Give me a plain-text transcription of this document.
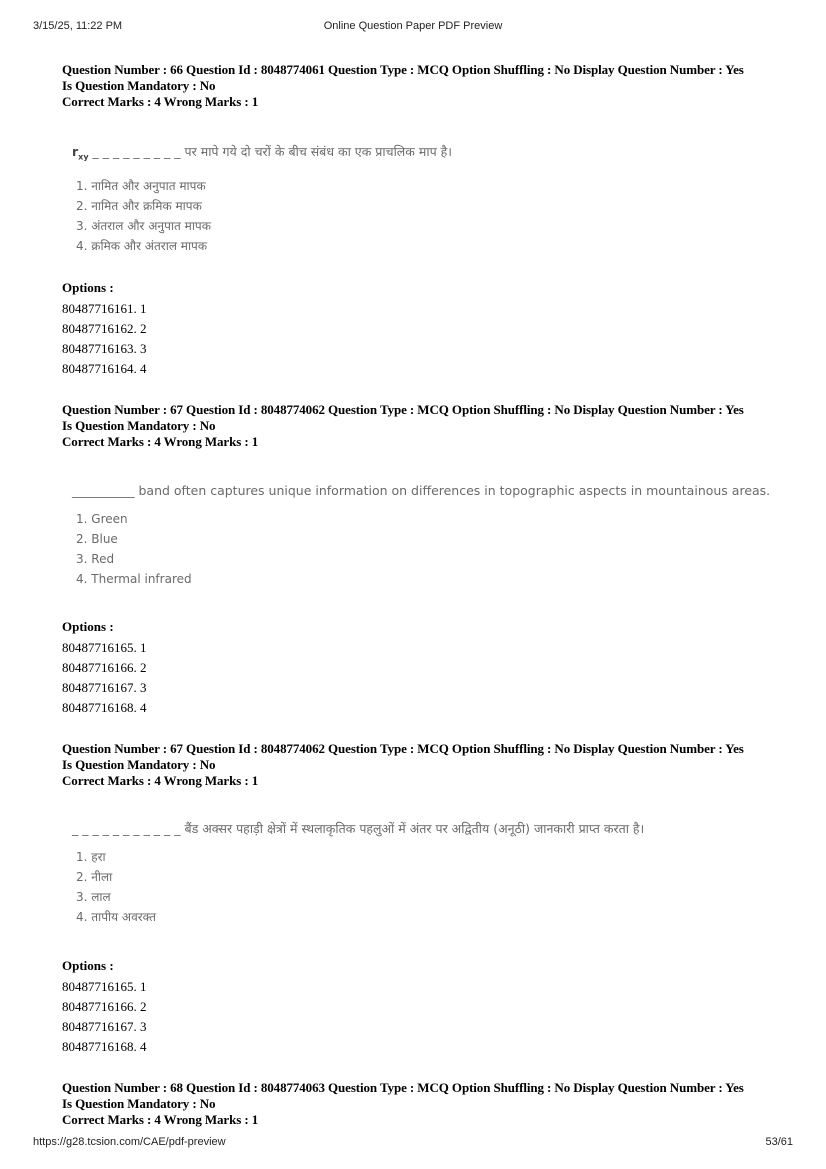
3/15/25, 11:22 PM	Online Question Paper PDF Preview
Question Number : 66 Question Id : 8048774061 Question Type : MCQ Option Shuffling : No Display Question Number : Yes
Is Question Mandatory : No
Correct Marks : 4 Wrong Marks : 1
$r_{xy}$ _ _ _ _ _ _ _ _ _ पर मापे गये दो चरों के बीच संबंध का एक प्राचलिक माप है।
1. नामित और अनुपात मापक
2. नामित और क्रमिक मापक
3. अंतराल और अनुपात मापक
4. क्रमिक और अंतराल मापक
Options :
80487716161. 1
80487716162. 2
80487716163. 3
80487716164. 4
Question Number : 67 Question Id : 8048774062 Question Type : MCQ Option Shuffling : No Display Question Number : Yes
Is Question Mandatory : No
Correct Marks : 4 Wrong Marks : 1
__________ band often captures unique information on differences in topographic aspects in mountainous areas.
1. Green
2. Blue
3. Red
4. Thermal infrared
Options :
80487716165. 1
80487716166. 2
80487716167. 3
80487716168. 4
Question Number : 67 Question Id : 8048774062 Question Type : MCQ Option Shuffling : No Display Question Number : Yes
Is Question Mandatory : No
Correct Marks : 4 Wrong Marks : 1
_ _ _ _ _ _ _ _ _ _ _ बैंड अक्सर पहाड़ी क्षेत्रों में स्थलाकृतिक पहलुओं में अंतर पर अद्वितीय (अनूठी) जानकारी प्राप्त करता है।
1. हरा
2. नीला
3. लाल
4. तापीय अवरक्त
Options :
80487716165. 1
80487716166. 2
80487716167. 3
80487716168. 4
Question Number : 68 Question Id : 8048774063 Question Type : MCQ Option Shuffling : No Display Question Number : Yes
Is Question Mandatory : No
Correct Marks : 4 Wrong Marks : 1
https://g28.tcsion.com/CAE/pdf-preview	53/61
